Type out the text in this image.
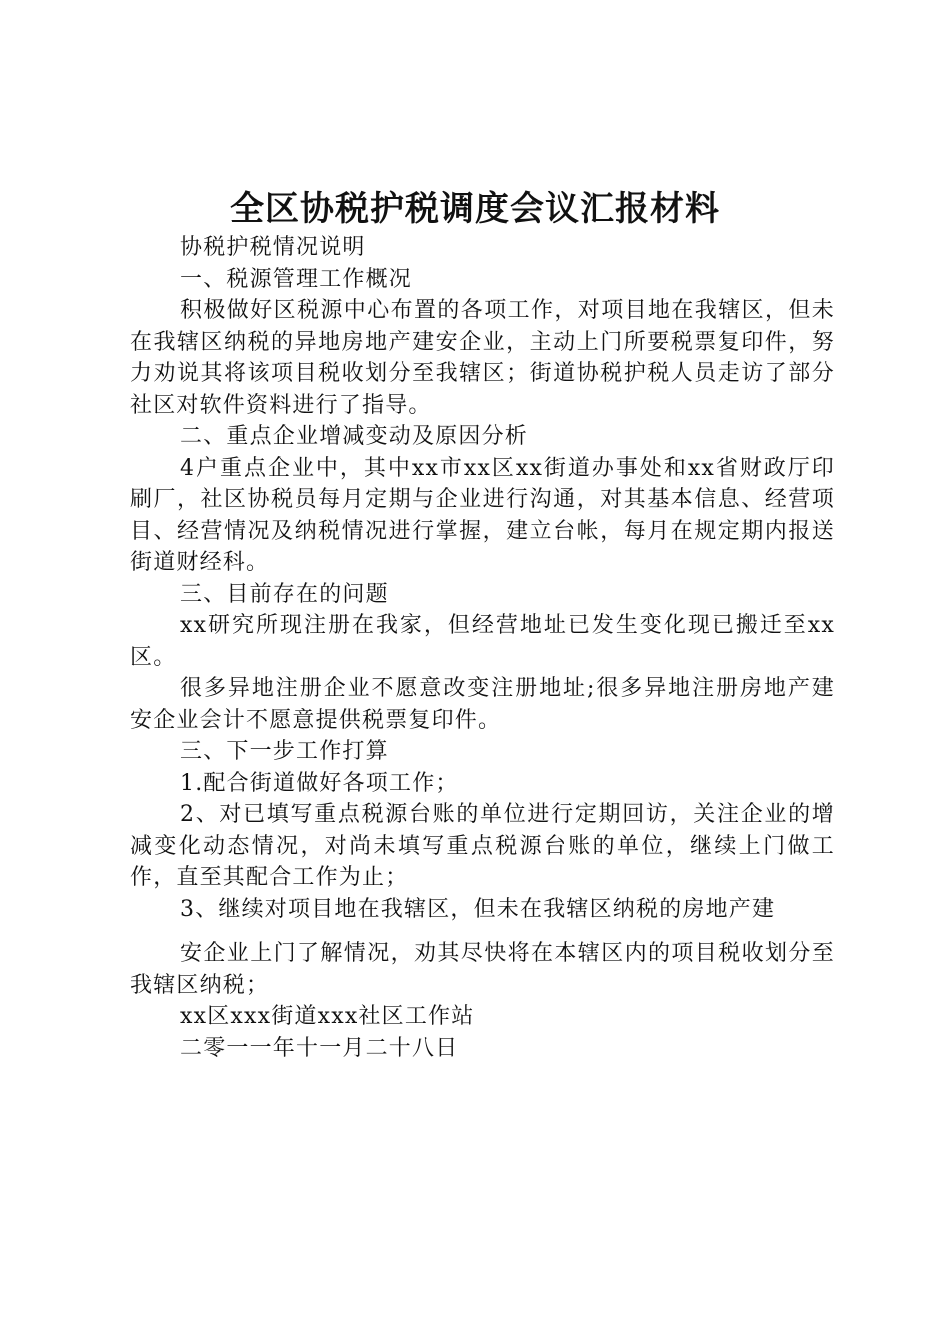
全区协税护税调度会议汇报材料

协税护税情况说明

一、税源管理工作概况

积极做好区税源中心布置的各项工作，对项目地在我辖区，但未在我辖区纳税的异地房地产建安企业，主动上门所要税票复印件，努力劝说其将该项目税收划分至我辖区；街道协税护税人员走访了部分社区对软件资料进行了指导。

二、重点企业增减变动及原因分析

4户重点企业中，其中xx市xx区xx街道办事处和xx省财政厅印刷厂，社区协税员每月定期与企业进行沟通，对其基本信息、经营项目、经营情况及纳税情况进行掌握，建立台帐，每月在规定期内报送街道财经科。

三、目前存在的问题

xx研究所现注册在我家，但经营地址已发生变化现已搬迁至xx区。

很多异地注册企业不愿意改变注册地址;很多异地注册房地产建安企业会计不愿意提供税票复印件。

三、下一步工作打算

1.配合街道做好各项工作；

2、对已填写重点税源台账的单位进行定期回访，关注企业的增减变化动态情况，对尚未填写重点税源台账的单位，继续上门做工作，直至其配合工作为止；

3、继续对项目地在我辖区，但未在我辖区纳税的房地产建

安企业上门了解情况，劝其尽快将在本辖区内的项目税收划分至我辖区纳税；

xx区xxx街道xxx社区工作站

二零一一年十一月二十八日
